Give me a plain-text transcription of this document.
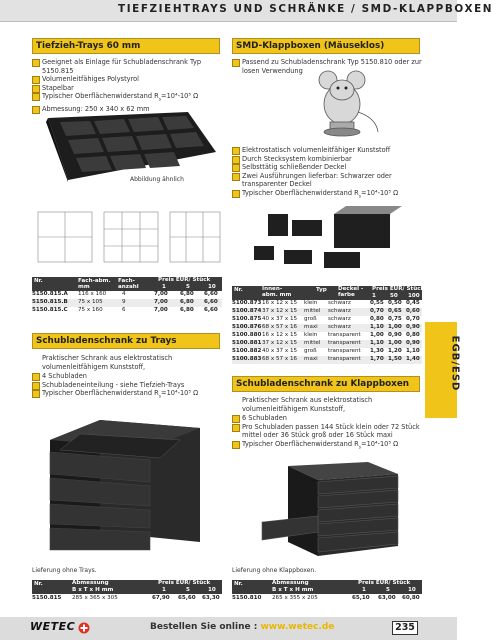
TIEFZIEHTRAYS UND SCHRÄNKE / SMD-KLAPPBOXEN
Tiefzieh-Trays 60 mm
Geeignet als Einlage für Schubladenschrank Typ 5150.815
Volumenleitfähiges Polystyrol
Stapelbar
Typischer Oberflächenwiderstand $R_s=10^4-10^5$ Ω
Abmessung: 250 x 340 x 62 mm
Abbildung ähnlich
Nr.	Fach-abm. mm
Fach-anzahl
Preis EUR/ Stück
1	5	10
5150.815.A 116 x 160	4	7,00 6,80 6,60
5150.815.B 75 x 105	9	7,00 6,80 6,60
5150.815.C 75 x 160	6	7,00 6,80 6,60
Schubladenschrank zu Trays
Praktischer Schrank aus elektrostatisch volumenleitfähigem Kunststoff,
4 Schubladen
Schubladeneinteilung - siehe Tiefzieh-Trays
Typischer Oberflächenwiderstand $R_s=10^4-10^5$ Ω
Lieferung ohne Trays.
Nr.	Abmessung
B x T x H mm
Preis EUR/ Stück
1	5	10
5150.815 285 x 365 x 305	67,90 65,60 63,30
SMD-Klappboxen (Mäuseklos)
Passend zu Schubladenschrank Typ 5150.810 oder zur losen Verwendung
Elektrostatisch volumenleitfähiger Kunststoff
Durch Stecksystem kombinierbar
Selbsttätig schließender Deckel
Zwei Ausführungen lieferbar: Schwarzer oder transparenter Deckel
Typischer Oberflächenwiderstand $R_s=10^4-10^5$ Ω
Nr.	Innen-abm. mm
Typ Deckel -farbe
Preis EUR/ Stück
1	50 100
5100.873 16 x 12 x 15 klein schwarz	0,55 0,50 0,45
5100.874 37 x 12 x 15 mittel schwarz	0,70 0,65 0,60
5100.875 40 x 37 x 15 groß schwarz	0,80 0,75 0,70
5100.876 68 x 57 x 16 maxi schwarz	1,10 1,00 0,90
5100.880 16 x 12 x 15 klein transparent 1,00 0,90 0,80
5100.881 37 x 12 x 15 mittel transparent 1,10 1,00 0,90
5100.882 40 x 37 x 15 groß transparent 1,30 1,20 1,10
5100.883 68 x 57 x 16 maxi transparent 1,70 1,50 1,40
Schubladenschrank zu Klappboxen
Praktischer Schrank aus elektrostatisch volumenleitfähigem Kunststoff,
6 Schubladen
Pro Schubladen passen 144 Stück klein oder 72 Stück mittel oder 36 Stück groß oder 16 Stück maxi
Typischer Oberflächenwiderstand $R_s=10^4-10^5$ Ω
Lieferung ohne Klappboxen.
Nr.	Abmessung
B x T x H mm
Preis EUR/ Stück
1	5	10
5150.810 265 x 355 x 205	65,10 63,00 60,80
EGB/ESD
WETEC	Bestellen Sie online : www.wetec.de	235
